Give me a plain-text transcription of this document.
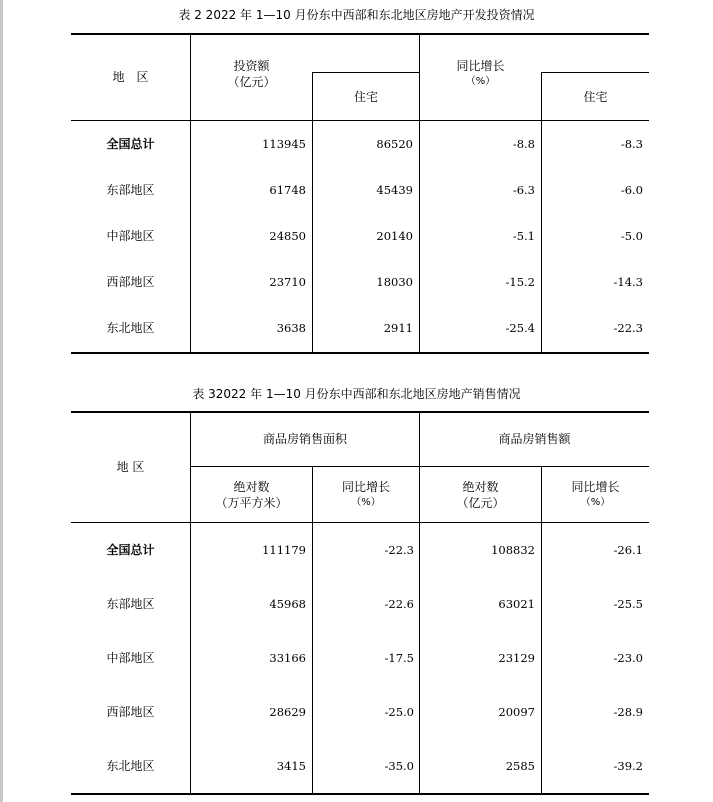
表 2 2022 年 1—10 月份东中西部和东北地区房地产开发投资情况
地　区
投资额
（亿元）
住宅
同比增长
（%）
住宅
全国总计	113945	86520	-8.8	-8.3
东部地区	61748	45439	-6.3	-6.0
中部地区	24850	20140	-5.1	-5.0
西部地区	23710	18030	-15.2	-14.3
东北地区	3638	2911	-25.4	-22.3
表 32022 年 1—10 月份东中西部和东北地区房地产销售情况
地 区
商品房销售面积	商品房销售额
绝对数
（万平方米）
同比增长
（%）
绝对数
（亿元）
同比增长
（%）
全国总计	111179	-22.3	108832	-26.1
东部地区	45968	-22.6	63021	-25.5
中部地区	33166	-17.5	23129	-23.0
西部地区	28629	-25.0	20097	-28.9
东北地区	3415	-35.0	2585	-39.2
